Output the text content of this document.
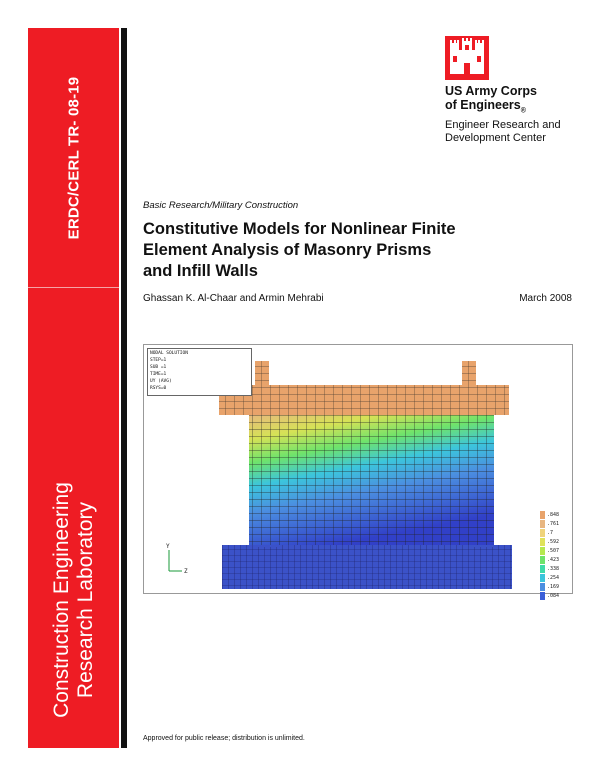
ERDC/CERL TR- 08-19
Construction Engineering Research Laboratory
US Army Corps
of Engineers$_®$
Engineer Research and
Development Center
Basic Research/Military Construction
Constitutive Models for Nonlinear Finite
Element Analysis of Masonry Prisms
and Infill Walls
Ghassan K. Al-Chaar and Armin Mehrabi	March 2008
Y
Z
NODAL SOLUTION
STEP=1
SUB =1
TIME=1
UY (AVG)
RSYS=0
.848
.761
.7
.592
.507
.423
.338
.254
.169
.084
Approved for public release; distribution is unlimited.
